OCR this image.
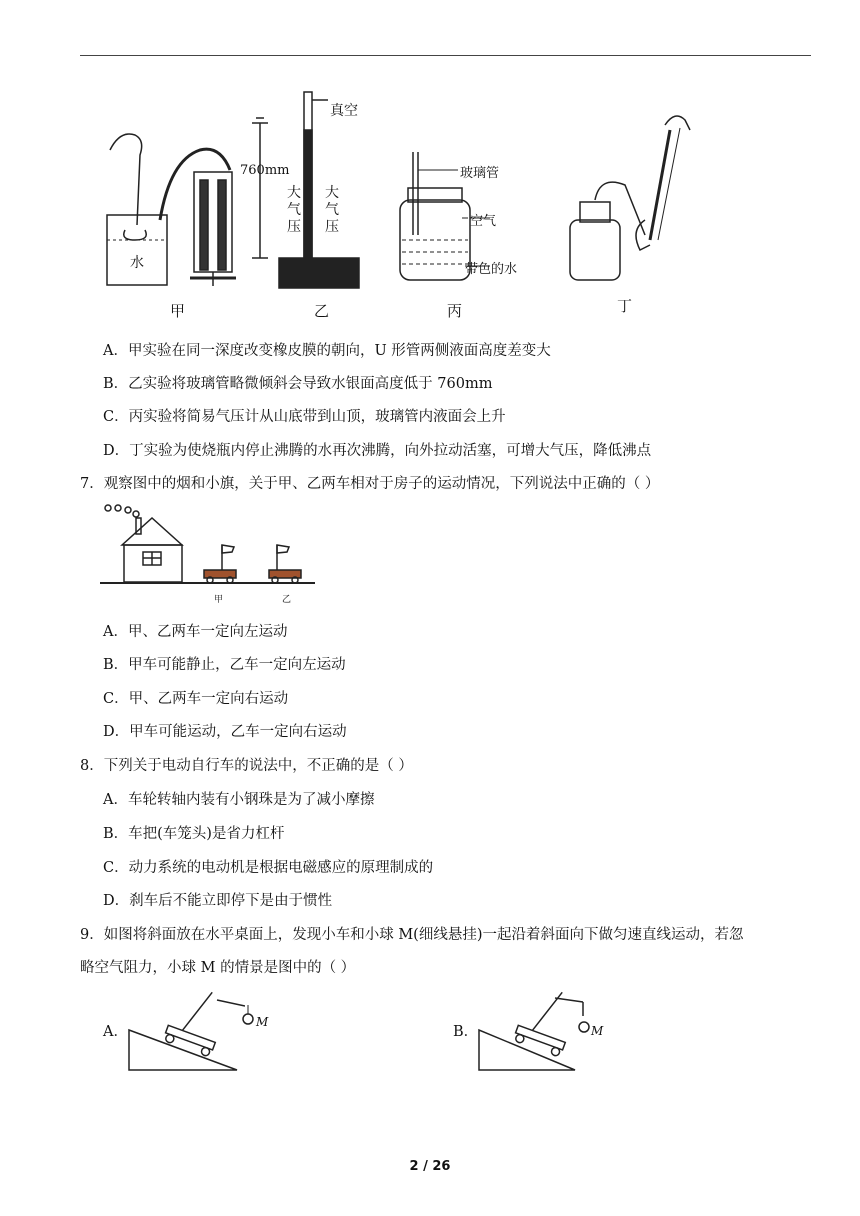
甲
水
乙
真空
760mm
大气压
大气压
丙
玻璃管
空气
带色的水
丁
A．甲实验在同一深度改变橡皮膜的朝向，U 形管两侧液面高度差变大
B．乙实验将玻璃管略微倾斜会导致水银面高度低于 760mm
C．丙实验将简易气压计从山底带到山顶，玻璃管内液面会上升
D．丁实验为使烧瓶内停止沸腾的水再次沸腾，向外拉动活塞，可增大气压，降低沸点
7．观察图中的烟和小旗，关于甲、乙两车相对于房子的运动情况，下列说法中正确的（ ）
甲	乙
A．甲、乙两车一定向左运动
B．甲车可能静止，乙车一定向左运动
C．甲、乙两车一定向右运动
D．甲车可能运动，乙车一定向右运动
8．下列关于电动自行车的说法中，不正确的是（ ）
A．车轮转轴内装有小钢珠是为了减小摩擦
B．车把(车笼头)是省力杠杆
C．动力系统的电动机是根据电磁感应的原理制成的
D．刹车后不能立即停下是由于惯性
9．如图将斜面放在水平桌面上，发现小车和小球 M(细线悬挂)一起沿着斜面向下做匀速直线运动，若忽
略空气阻力，小球 M 的情景是图中的（ ）
A．
M
B．	M
2 / 26
